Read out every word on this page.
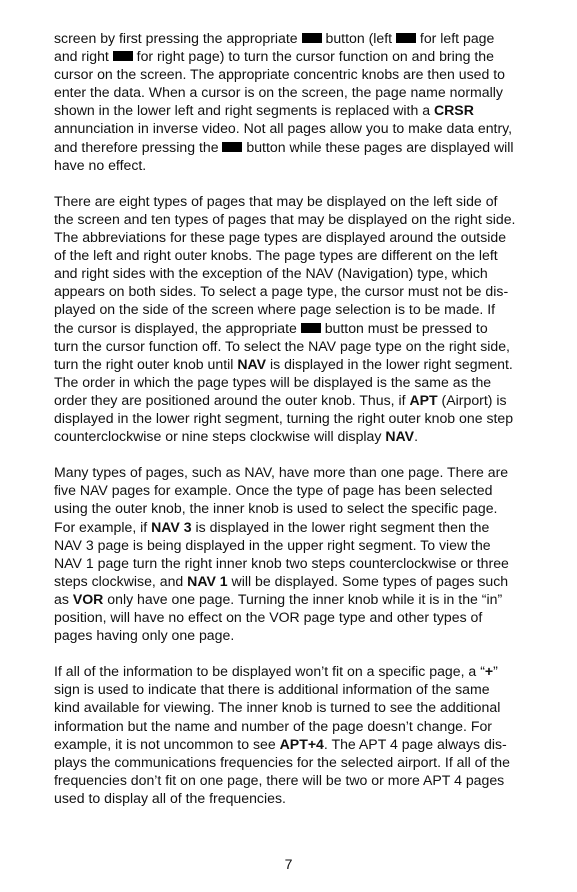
screen by first pressing the appropriate  button (left  for left page
and right  for right page) to turn the cursor function on and bring the
cursor on the screen. The appropriate concentric knobs are then used to
enter the data. When a cursor is on the screen, the page name normally
shown in the lower left and right segments is replaced with a CRSR
annunciation in inverse video. Not all pages allow you to make data entry,
and therefore pressing the  button while these pages are displayed will
have no effect.

There are eight types of pages that may be displayed on the left side of
the screen and ten types of pages that may be displayed on the right side.
The abbreviations for these page types are displayed around the outside
of the left and right outer knobs. The page types are different on the left
and right sides with the exception of the NAV (Navigation) type, which
appears on both sides. To select a page type, the cursor must not be dis-
played on the side of the screen where page selection is to be made. If
the cursor is displayed, the appropriate  button must be pressed to
turn the cursor function off. To select the NAV page type on the right side,
turn the right outer knob until NAV is displayed in the lower right segment.
The order in which the page types will be displayed is the same as the
order they are positioned around the outer knob. Thus, if APT (Airport) is
displayed in the lower right segment, turning the right outer knob one step
counterclockwise or nine steps clockwise will display NAV.

Many types of pages, such as NAV, have more than one page. There are
five NAV pages for example. Once the type of page has been selected
using the outer knob, the inner knob is used to select the specific page.
For example, if NAV 3 is displayed in the lower right segment then the
NAV 3 page is being displayed in the upper right segment. To view the
NAV 1 page turn the right inner knob two steps counterclockwise or three
steps clockwise, and NAV 1 will be displayed. Some types of pages such
as VOR only have one page. Turning the inner knob while it is in the “in”
position, will have no effect on the VOR page type and other types of
pages having only one page.

If all of the information to be displayed won’t fit on a specific page, a “+”
sign is used to indicate that there is additional information of the same
kind available for viewing. The inner knob is turned to see the additional
information but the name and number of the page doesn’t change. For
example, it is not uncommon to see APT+4. The APT 4 page always dis-
plays the communications frequencies for the selected airport. If all of the
frequencies don’t fit on one page, there will be two or more APT 4 pages
used to display all of the frequencies.

7
